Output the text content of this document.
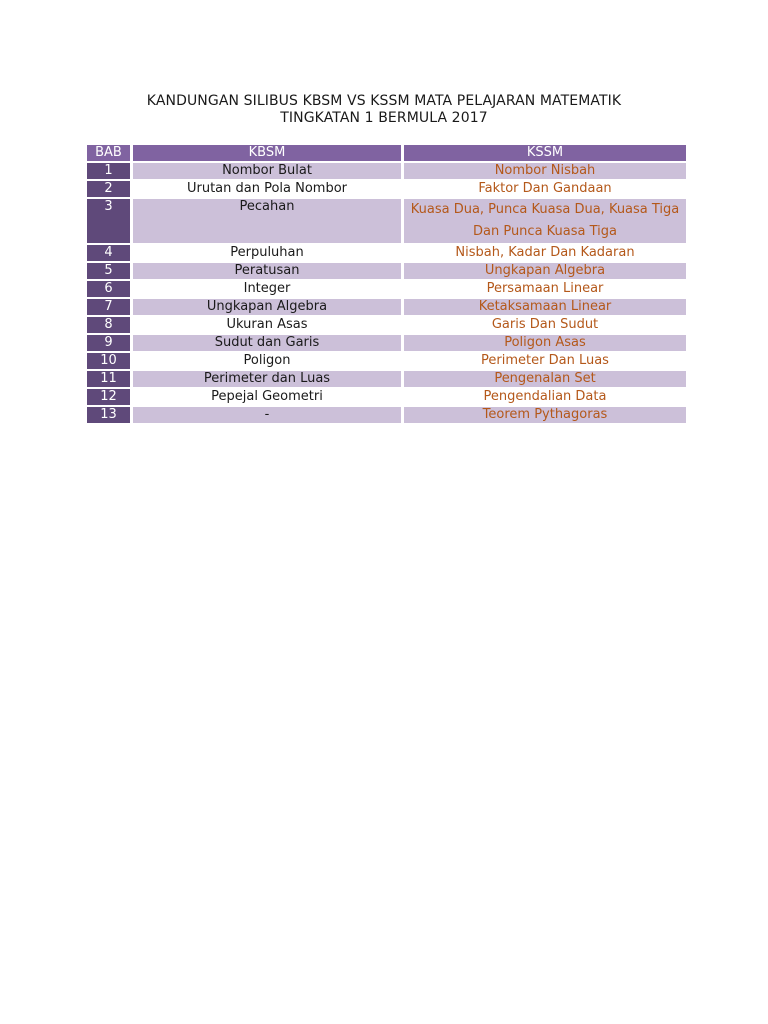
KANDUNGAN SILIBUS KBSM VS KSSM MATA PELAJARAN MATEMATIK
TINGKATAN 1 BERMULA 2017
BAB	KBSM	KSSM
1	Nombor Bulat	Nombor Nisbah
2	Urutan dan Pola Nombor	Faktor Dan Gandaan
3	Pecahan	Kuasa Dua, Punca Kuasa Dua, Kuasa Tiga Dan Punca Kuasa Tiga
4	Perpuluhan	Nisbah, Kadar Dan Kadaran
5	Peratusan	Ungkapan Algebra
6	Integer	Persamaan Linear
7	Ungkapan Algebra	Ketaksamaan Linear
8	Ukuran Asas	Garis Dan Sudut
9	Sudut dan Garis	Poligon Asas
10	Poligon	Perimeter Dan Luas
11	Perimeter dan Luas	Pengenalan Set
12	Pepejal Geometri	Pengendalian Data
13	-	Teorem Pythagoras
